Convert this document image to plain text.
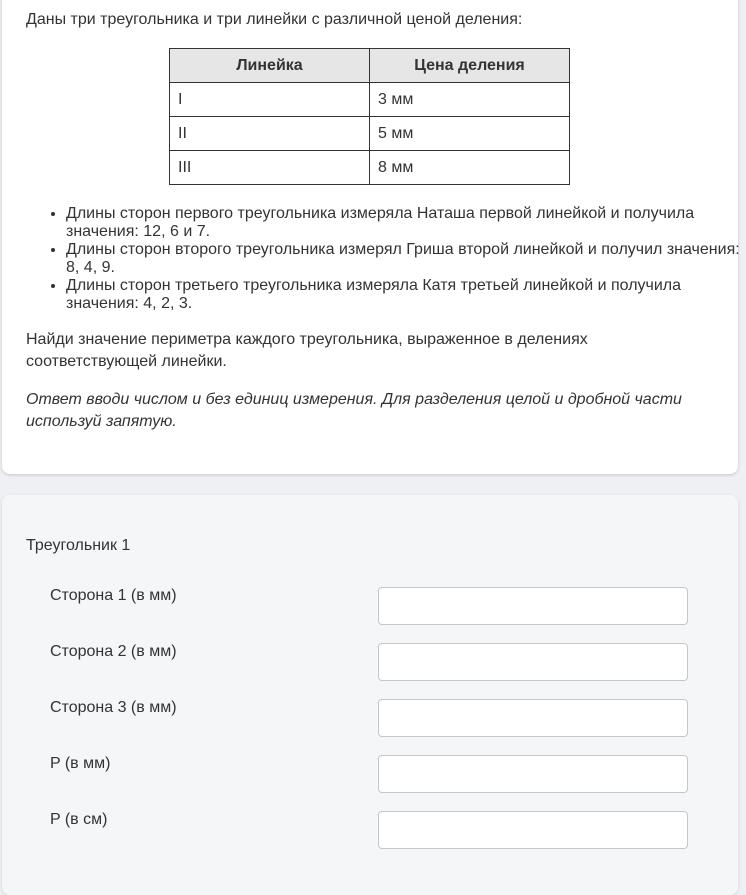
Даны три треугольника и три линейки с различной ценой деления:

Линейка	Цена деления
I	3 мм
II	5 мм
III	8 мм
• Длины сторон первого треугольника измеряла Наташа первой линейкой и получила значения: 12, 6 и 7.
• Длины сторон второго треугольника измерял Гриша второй линейкой и получил значения: 8, 4, 9.
• Длины сторон третьего треугольника измеряла Катя третьей линейкой и получила значения: 4, 2, 3.

Найди значение периметра каждого треугольника, выраженное в делениях соответствующей линейки.

Ответ вводи числом и без единиц измерения. Для разделения целой и дробной части используй запятую.

Треугольник 1

Сторона 1 (в мм)
Сторона 2 (в мм)
Сторона 3 (в мм)
P (в мм)
P (в см)
